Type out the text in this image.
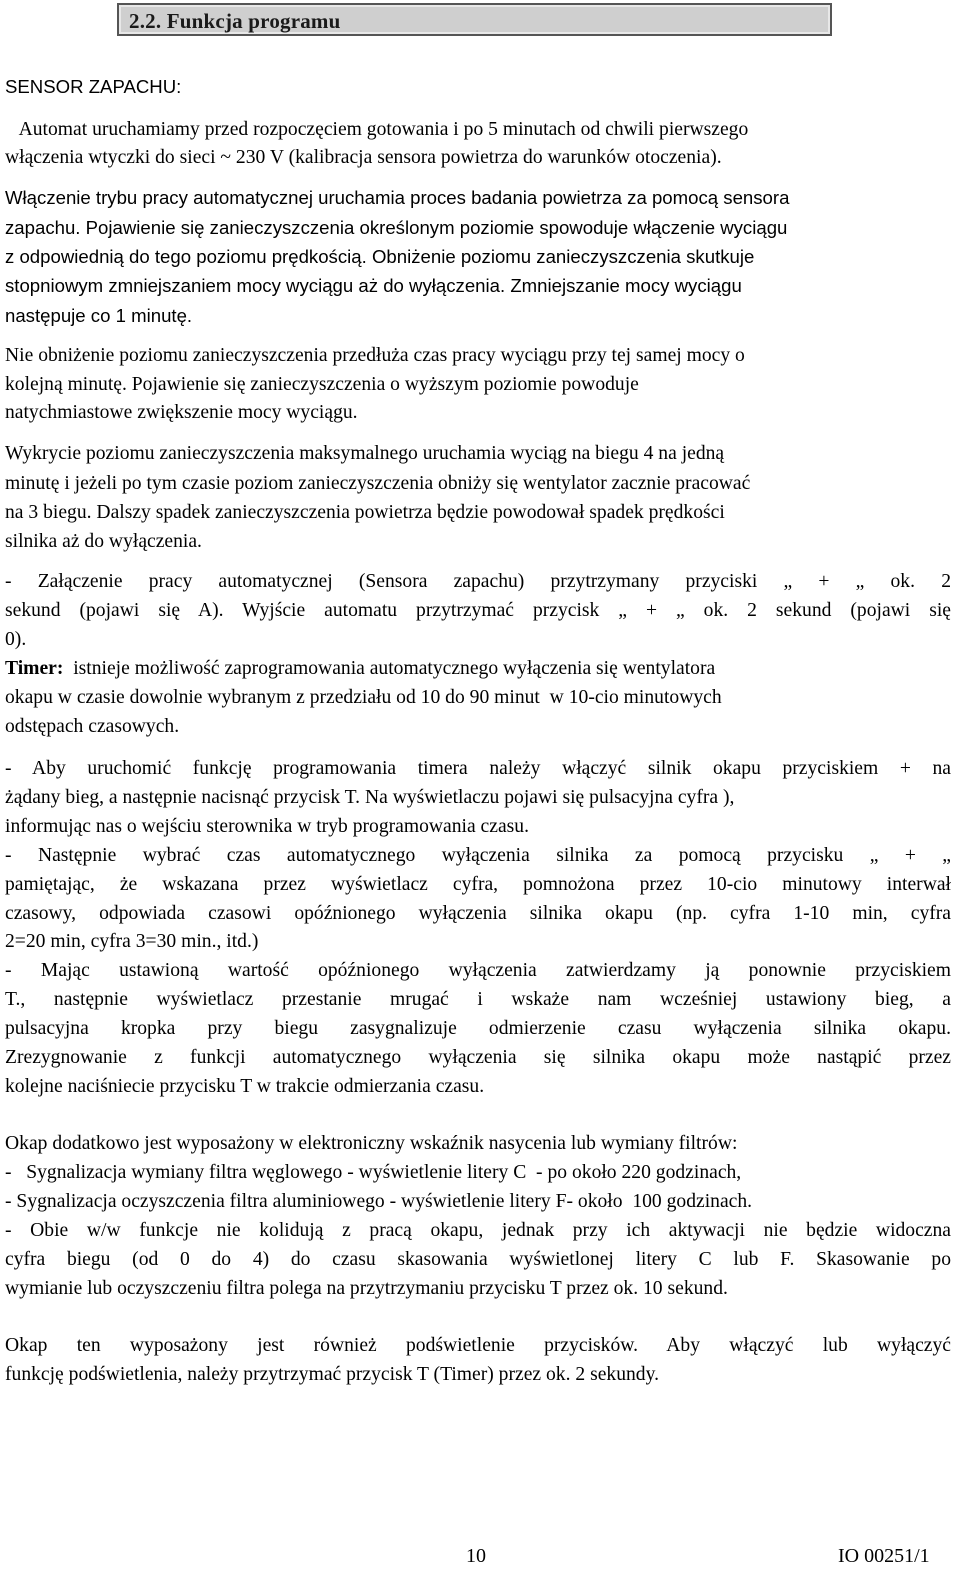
2.2. Funkcja programu
SENSOR ZAPACHU:
Automat uruchamiamy przed rozpoczęciem gotowania i po 5 minutach od chwili pierwszego
włączenia wtyczki do sieci ~ 230 V (kalibracja sensora powietrza do warunków otoczenia).
Włączenie trybu pracy automatycznej uruchamia proces badania powietrza za pomocą sensora
zapachu. Pojawienie się zanieczyszczenia określonym poziomie spowoduje włączenie wyciągu
z odpowiednią do tego poziomu prędkością. Obniżenie poziomu zanieczyszczenia skutkuje
stopniowym zmniejszaniem mocy wyciągu aż do wyłączenia. Zmniejszanie mocy wyciągu
następuje co 1 minutę.
Nie obniżenie poziomu zanieczyszczenia przedłuża czas pracy wyciągu przy tej samej mocy o
kolejną minutę. Pojawienie się zanieczyszczenia o wyższym poziomie powoduje
natychmiastowe zwiększenie mocy wyciągu.
Wykrycie poziomu zanieczyszczenia maksymalnego uruchamia wyciąg na biegu 4 na jedną
minutę i jeżeli po tym czasie poziom zanieczyszczenia obniży się wentylator zacznie pracować
na 3 biegu. Dalszy spadek zanieczyszczenia powietrza będzie powodował spadek prędkości
silnika aż do wyłączenia.
- Załączenie pracy automatycznej (Sensora zapachu) przytrzymany przyciski „ + „ ok. 2
sekund (pojawi się A). Wyjście automatu przytrzymać przycisk „ + „ ok. 2 sekund (pojawi się
0).
Timer:  istnieje możliwość zaprogramowania automatycznego wyłączenia się wentylatora
okapu w czasie dowolnie wybranym z przedziału od 10 do 90 minut  w 10-cio minutowych
odstępach czasowych.
- Aby uruchomić funkcję programowania timera należy włączyć silnik okapu przyciskiem + na
żądany bieg, a następnie nacisnąć przycisk T. Na wyświetlaczu pojawi się pulsacyjna cyfra ),
informując nas o wejściu sterownika w tryb programowania czasu.
- Następnie wybrać czas automatycznego wyłączenia silnika za pomocą przycisku „ + „
pamiętając, że wskazana przez wyświetlacz cyfra, pomnożona przez 10-cio minutowy interwał
czasowy, odpowiada czasowi opóźnionego wyłączenia silnika okapu (np. cyfra 1-10 min, cyfra
2=20 min, cyfra 3=30 min., itd.)
- Mając ustawioną wartość opóźnionego wyłączenia zatwierdzamy ją ponownie przyciskiem
T., następnie wyświetlacz przestanie mrugać i wskaże nam wcześniej ustawiony bieg, a
pulsacyjna kropka przy biegu zasygnalizuje odmierzenie czasu wyłączenia silnika okapu.
Zrezygnowanie z funkcji automatycznego wyłączenia się silnika okapu może nastąpić przez
kolejne naciśniecie przycisku T w trakcie odmierzania czasu.
Okap dodatkowo jest wyposażony w elektroniczny wskaźnik nasycenia lub wymiany filtrów:
-   Sygnalizacja wymiany filtra węglowego - wyświetlenie litery C  - po około 220 godzinach,
- Sygnalizacja oczyszczenia filtra aluminiowego - wyświetlenie litery F- około  100 godzinach.
- Obie w/w funkcje nie kolidują z pracą okapu, jednak przy ich aktywacji nie będzie widoczna
cyfra biegu (od 0 do 4) do czasu skasowania wyświetlonej litery C lub F. Skasowanie po
wymianie lub oczyszczeniu filtra polega na przytrzymaniu przycisku T przez ok. 10 sekund.
Okap ten wyposażony jest również podświetlenie przycisków. Aby włączyć lub wyłączyć
funkcję podświetlenia, należy przytrzymać przycisk T (Timer) przez ok. 2 sekundy.
10	IO 00251/1
